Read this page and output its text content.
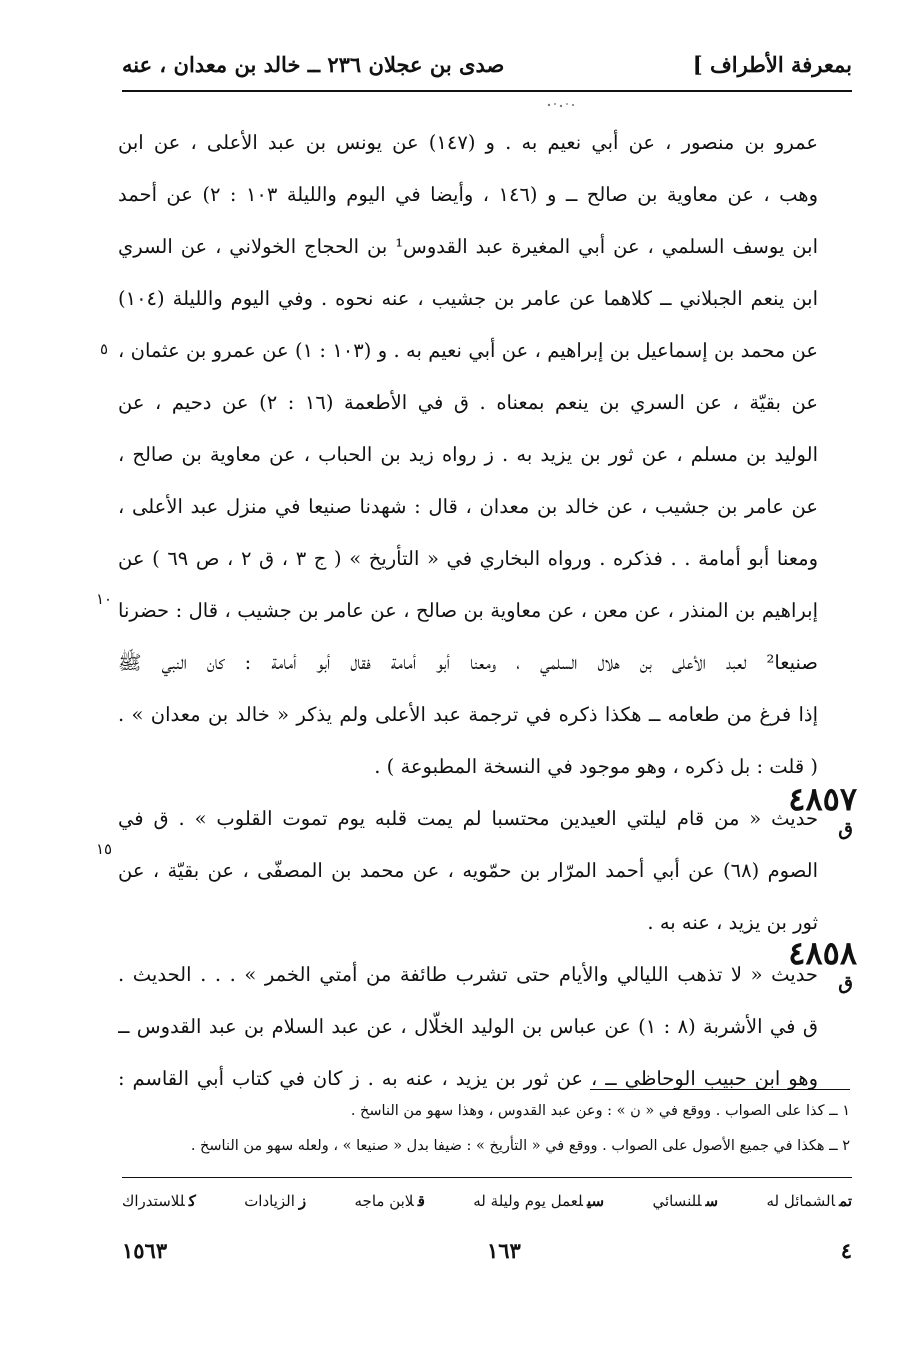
بمعرفة الأطراف ]
صدى بن عجلان ٢٣٦ ــ خالد بن معدان ، عنه
عمرو بن منصور ، عن أبي نعيم به . و (١٤٧) عن يونس بن عبد الأعلى ، عن ابن
وهب ، عن معاوية بن صالح ــ و (١٤٦ ، وأيضا في اليوم والليلة ١٠٣ : ٢) عن أحمد
ابن يوسف السلمي ، عن أبي المغيرة عبد القدوس¹ بن الحجاج الخولاني ، عن السري
ابن ينعم الجبلاني ــ كلاهما عن عامر بن جشيب ، عنه نحوه . وفي اليوم والليلة (١٠٤)
عن محمد بن إسماعيل بن إبراهيم ، عن أبي نعيم به . و (١٠٣ : ١) عن عمرو بن عثمان ،
عن بقيّة ، عن السري بن ينعم بمعناه . ق في الأطعمة (١٦ : ٢) عن دحيم ، عن
الوليد بن مسلم ، عن ثور بن يزيد به . ز رواه زيد بن الحباب ، عن معاوية بن صالح ،
عن عامر بن جشيب ، عن خالد بن معدان ، قال : شهدنا صنيعا في منزل عبد الأعلى ،
ومعنا أبو أمامة . . فذكره . ورواه البخاري في « التأريخ » ( ج ٣ ، ق ٢ ، ص ٦٩ ) عن
إبراهيم بن المنذر ، عن معن ، عن معاوية بن صالح ، عن عامر بن جشيب ، قال : حضرنا
صنيعا² لعبد الأعلى بن هلال السلمي ، ومعنا أبو أمامة فقال أبو أمامة : كان النبي ﷺ
إذا فرغ من طعامه ــ هكذا ذكره في ترجمة عبد الأعلى ولم يذكر « خالد بن معدان » .
( قلت : بل ذكره ، وهو موجود في النسخة المطبوعة ) .
حديث « من قام ليلتي العيدين محتسبا لم يمت قلبه يوم تموت القلوب » . ق في
الصوم (٦٨) عن أبي أحمد المرّار بن حمّويه ، عن محمد بن المصفّى ، عن بقيّة ، عن
ثور بن يزيد ، عنه به .
حديث « لا تذهب الليالي والأيام حتى تشرب طائفة من أمتي الخمر » . . . الحديث .
ق في الأشربة (٨ : ١) عن عباس بن الوليد الخلّال ، عن عبد السلام بن عبد القدوس ــ
وهو ابن حبيب الوحاظي ــ ، عن ثور بن يزيد ، عنه به . ز كان في كتاب أبي القاسم :
٥
١٠
١٥
٤٨٥٧
ق
٤٨٥٨
ق
١ ــ كذا على الصواب . ووقع في « ن » : وعن عبد القدوس ، وهذا سهو من الناسخ .
٢ ــ هكذا في جميع الأصول على الصواب . ووقع في « التأريخ » : ضيفا بدل « صنيعا » ، ولعله سهو من الناسخ .
تمالشمائل له
سللنسائي
سيلعمل يوم وليلة له
قلابن ماجه
زالزيادات
كللاستدراك
٤
١٦٣
١٥٦٣
